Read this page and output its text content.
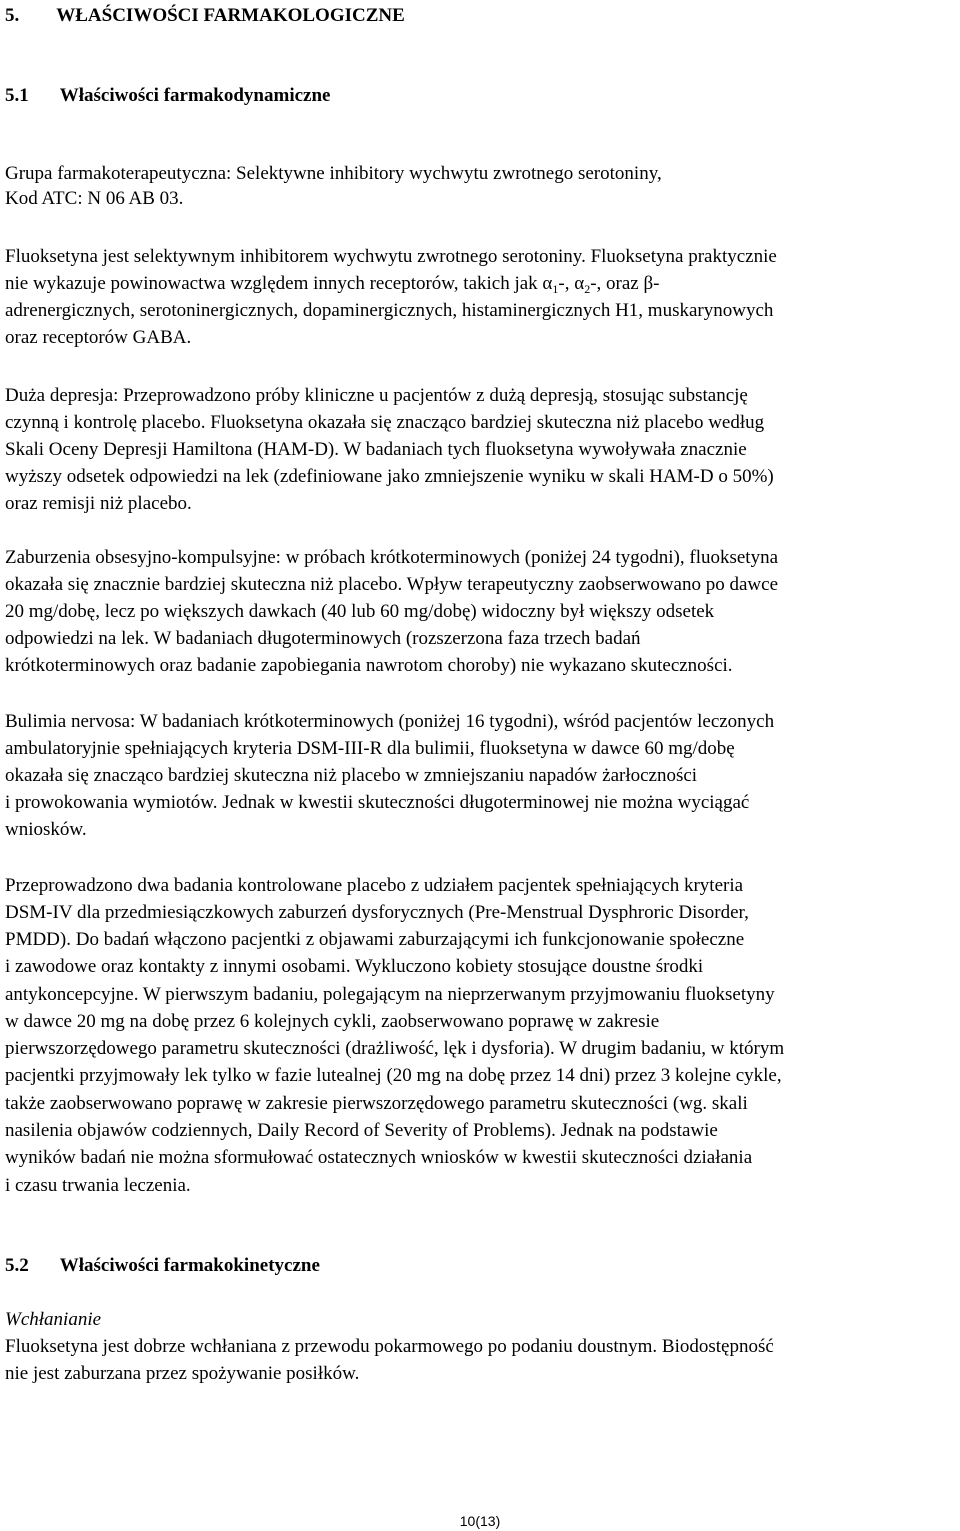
5. WŁAŚCIWOŚCI FARMAKOLOGICZNE

5.1 Właściwości farmakodynamiczne

Grupa farmakoterapeutyczna: Selektywne inhibitory wychwytu zwrotnego serotoniny,

Kod ATC: N 06 AB 03.

Fluoksetyna jest selektywnym inhibitorem wychwytu zwrotnego serotoniny. Fluoksetyna praktycznie

nie wykazuje powinowactwa względem innych receptorów, takich jak $\alpha_1-$, $\alpha_2-$, oraz β-

adrenergicznych, serotoninergicznych, dopaminergicznych, histaminergicznych H1, muskarynowych

oraz receptorów GABA.

Duża depresja: Przeprowadzono próby kliniczne u pacjentów z dużą depresją, stosując substancję

czynną i kontrolę placebo. Fluoksetyna okazała się znacząco bardziej skuteczna niż placebo według

Skali Oceny Depresji Hamiltona (HAM-D). W badaniach tych fluoksetyna wywoływała znacznie

wyższy odsetek odpowiedzi na lek (zdefiniowane jako zmniejszenie wyniku w skali HAM-D o 50%)

oraz remisji niż placebo.

Zaburzenia obsesyjno-kompulsyjne: w próbach krótkoterminowych (poniżej 24 tygodni), fluoksetyna

okazała się znacznie bardziej skuteczna niż placebo. Wpływ terapeutyczny zaobserwowano po dawce

20 mg/dobę, lecz po większych dawkach (40 lub 60 mg/dobę) widoczny był większy odsetek

odpowiedzi na lek. W badaniach długoterminowych (rozszerzona faza trzech badań

krótkoterminowych oraz badanie zapobiegania nawrotom choroby) nie wykazano skuteczności.

Bulimia nervosa: W badaniach krótkoterminowych (poniżej 16 tygodni), wśród pacjentów leczonych

ambulatoryjnie spełniających kryteria DSM-III-R dla bulimii, fluoksetyna w dawce 60 mg/dobę

okazała się znacząco bardziej skuteczna niż placebo w zmniejszaniu napadów żarłoczności

i prowokowania wymiotów. Jednak w kwestii skuteczności długoterminowej nie można wyciągać

wniosków.

Przeprowadzono dwa badania kontrolowane placebo z udziałem pacjentek spełniających kryteria

DSM-IV dla przedmiesiączkowych zaburzeń dysforycznych (Pre-Menstrual Dysphroric Disorder,

PMDD). Do badań włączono pacjentki z objawami zaburzającymi ich funkcjonowanie społeczne

i zawodowe oraz kontakty z innymi osobami. Wykluczono kobiety stosujące doustne środki

antykoncepcyjne. W pierwszym badaniu, polegającym na nieprzerwanym przyjmowaniu fluoksetyny

w dawce 20 mg na dobę przez 6 kolejnych cykli, zaobserwowano poprawę w zakresie

pierwszorzędowego parametru skuteczności (drażliwość, lęk i dysforia). W drugim badaniu, w którym

pacjentki przyjmowały lek tylko w fazie lutealnej (20 mg na dobę przez 14 dni) przez 3 kolejne cykle,

także zaobserwowano poprawę w zakresie pierwszorzędowego parametru skuteczności (wg. skali

nasilenia objawów codziennych, Daily Record of Severity of Problems). Jednak na podstawie

wyników badań nie można sformułować ostatecznych wniosków w kwestii skuteczności działania

i czasu trwania leczenia.

5.2 Właściwości farmakokinetyczne

Wchłanianie

Fluoksetyna jest dobrze wchłaniana z przewodu pokarmowego po podaniu doustnym. Biodostępność

nie jest zaburzana przez spożywanie posiłków.

10(13)
